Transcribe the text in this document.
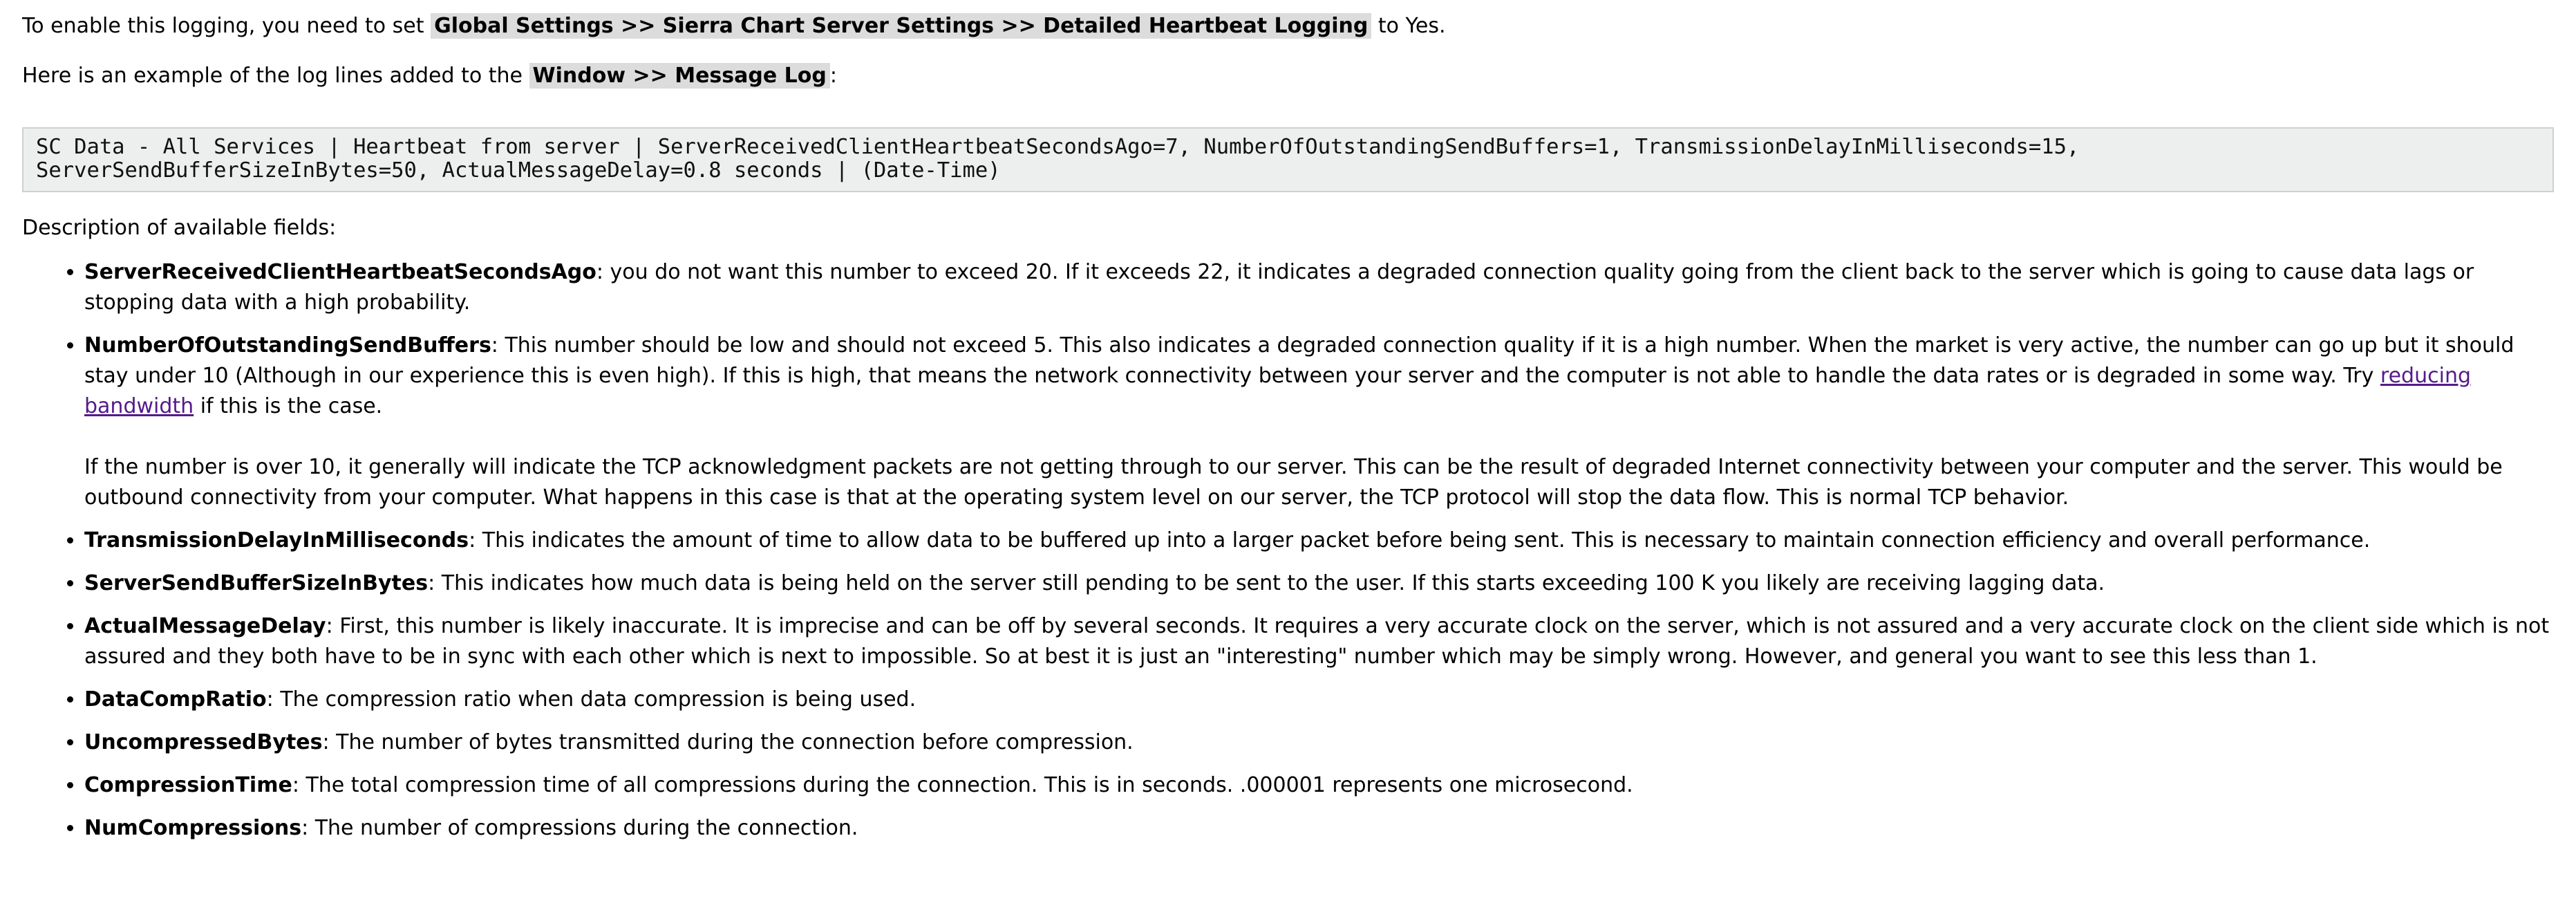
To enable this logging, you need to set Global Settings >> Sierra Chart Server Settings >> Detailed Heartbeat Logging to Yes.

Here is an example of the log lines added to the Window >> Message Log :

SC Data - All Services | Heartbeat from server | ServerReceivedClientHeartbeatSecondsAgo=7, NumberOfOutstandingSendBuffers=1, TransmissionDelayInMilliseconds=15,
ServerSendBufferSizeInBytes=50, ActualMessageDelay=0.8 seconds | (Date-Time)

Description of available fields:

• ServerReceivedClientHeartbeatSecondsAgo: you do not want this number to exceed 20. If it exceeds 22, it indicates a degraded connection quality going from the client back to the server which is going to cause data lags or stopping data with a high probability.
• NumberOfOutstandingSendBuffers: This number should be low and should not exceed 5. This also indicates a degraded connection quality if it is a high number. When the market is very active, the number can go up but it should stay under 10 (Although in our experience this is even high). If this is high, that means the network connectivity between your server and the computer is not able to handle the data rates or is degraded in some way. Try reducing bandwidth if this is the case.
If the number is over 10, it generally will indicate the TCP acknowledgment packets are not getting through to our server. This can be the result of degraded Internet connectivity between your computer and the server. This would be outbound connectivity from your computer. What happens in this case is that at the operating system level on our server, the TCP protocol will stop the data flow. This is normal TCP behavior.
• TransmissionDelayInMilliseconds: This indicates the amount of time to allow data to be buffered up into a larger packet before being sent. This is necessary to maintain connection efficiency and overall performance.
• ServerSendBufferSizeInBytes: This indicates how much data is being held on the server still pending to be sent to the user. If this starts exceeding 100 K you likely are receiving lagging data.
• ActualMessageDelay: First, this number is likely inaccurate. It is imprecise and can be off by several seconds. It requires a very accurate clock on the server, which is not assured and a very accurate clock on the client side which is not assured and they both have to be in sync with each other which is next to impossible. So at best it is just an "interesting" number which may be simply wrong. However, and general you want to see this less than 1.
• DataCompRatio: The compression ratio when data compression is being used.
• UncompressedBytes: The number of bytes transmitted during the connection before compression.
• CompressionTime: The total compression time of all compressions during the connection. This is in seconds. .000001 represents one microsecond.
• NumCompressions: The number of compressions during the connection.
